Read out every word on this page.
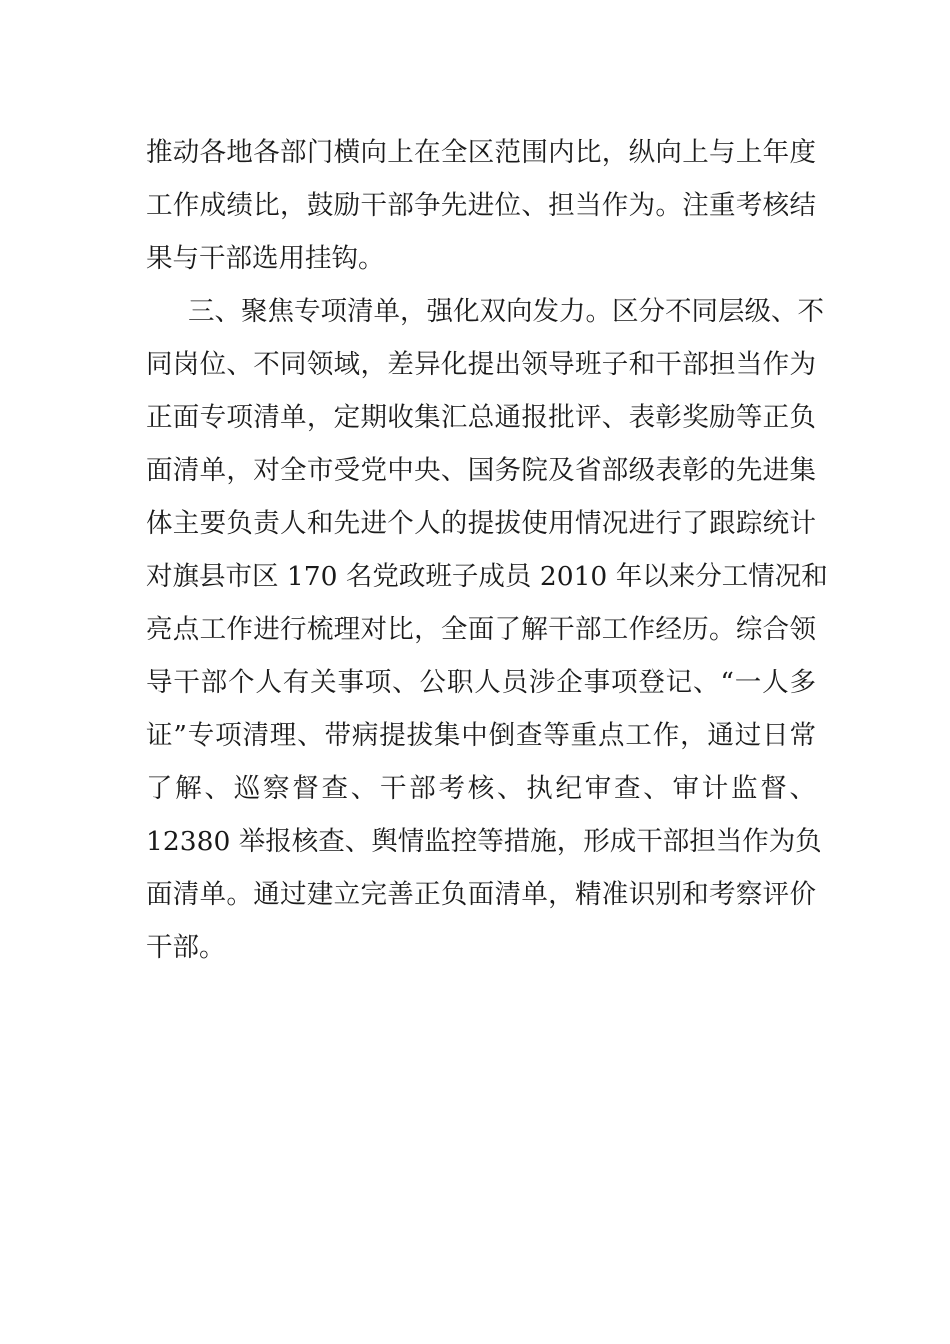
推动各地各部门横向上在全区范围内比，纵向上与上年度
工作成绩比，鼓励干部争先进位、担当作为。注重考核结
果与干部选用挂钩。
三、聚焦专项清单，强化双向发力。区分不同层级、不
同岗位、不同领域，差异化提出领导班子和干部担当作为
正面专项清单，定期收集汇总通报批评、表彰奖励等正负
面清单，对全市受党中央、国务院及省部级表彰的先进集
体主要负责人和先进个人的提拔使用情况进行了跟踪统计
对旗县市区 170 名党政班子成员 2010 年以来分工情况和
亮点工作进行梳理对比，全面了解干部工作经历。综合领
导干部个人有关事项、公职人员涉企事项登记、“一人多
证”专项清理、带病提拔集中倒查等重点工作，通过日常
了解、巡察督查、干部考核、执纪审查、审计监督、
12380 举报核查、舆情监控等措施，形成干部担当作为负
面清单。通过建立完善正负面清单，精准识别和考察评价
干部。
